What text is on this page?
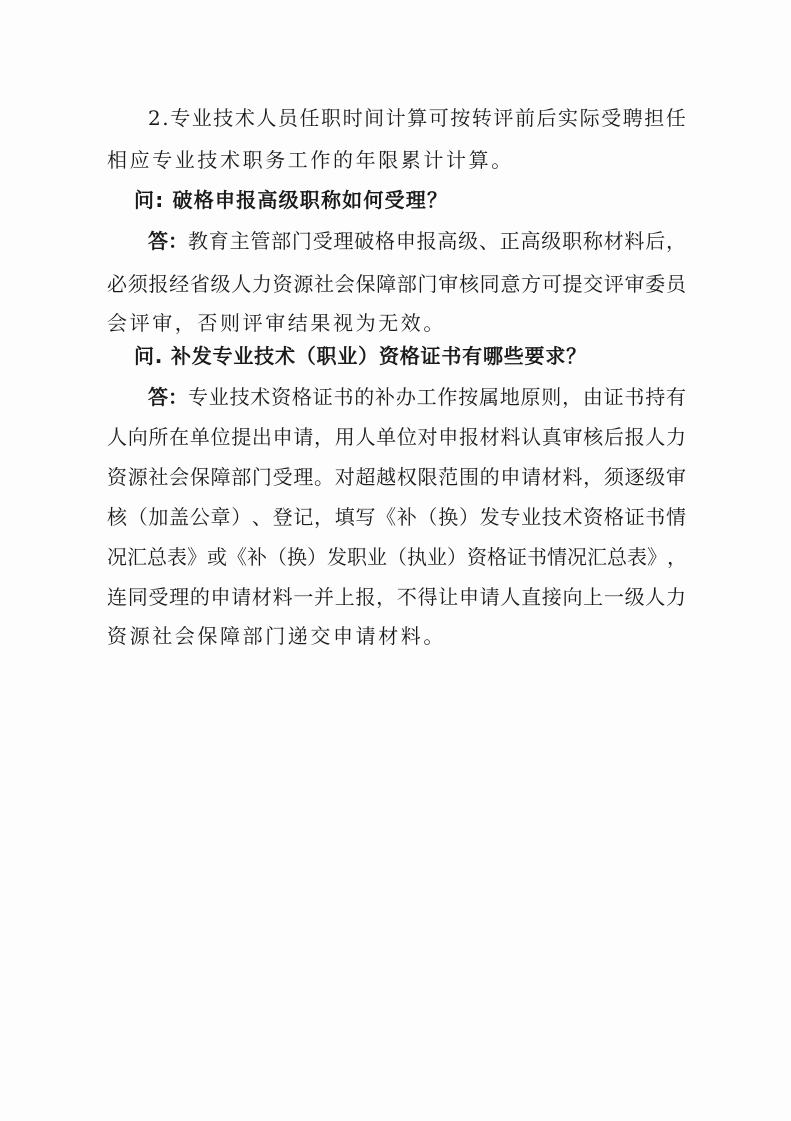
2 . 专 业 技 术 人 员 任 职 时 间 计 算 可 按 转 评 前 后 实 际 受 聘 担 任
相应专业技术职务工作的年限累计计算。
问: 破格申报高级职称如何受理？
答： 教 育 主 管 部 门 受 理 破 格 申 报 高 级 、 正 高 级 职 称 材 料 后 ，
必 须 报 经 省 级 人 力 资 源 社 会 保 障 部 门 审 核 同 意 方 可 提 交 评 审 委 员
会评审，否则评审结果视为无效。
问. 补发专业技术（职业）资格证书有哪些要求？
答： 专 业 技 术 资 格 证 书 的 补 办 工 作 按 属 地 原 则 ， 由 证 书 持 有
人 向 所 在 单 位 提 出 申 请 ， 用 人 单 位 对 申 报 材 料 认 真 审 核 后 报 人 力
资 源 社 会 保 障 部 门 受 理 。 对 超 越 权 限 范 围 的 申 请 材 料 ， 须 逐 级 审
核 （ 加 盖 公 章 ） 、 登 记 ， 填 写 《 补 （ 换 ） 发 专 业 技 术 资 格 证 书 情
况 汇 总 表 》 或 《 补 （ 换 ） 发 职 业 （ 执 业 ） 资 格 证 书 情 况 汇 总 表 》 ，
连 同 受 理 的 申 请 材 料 一 并 上 报 ， 不 得 让 申 请 人 直 接 向 上 一 级 人 力
资源社会保障部门递交申请材料。
